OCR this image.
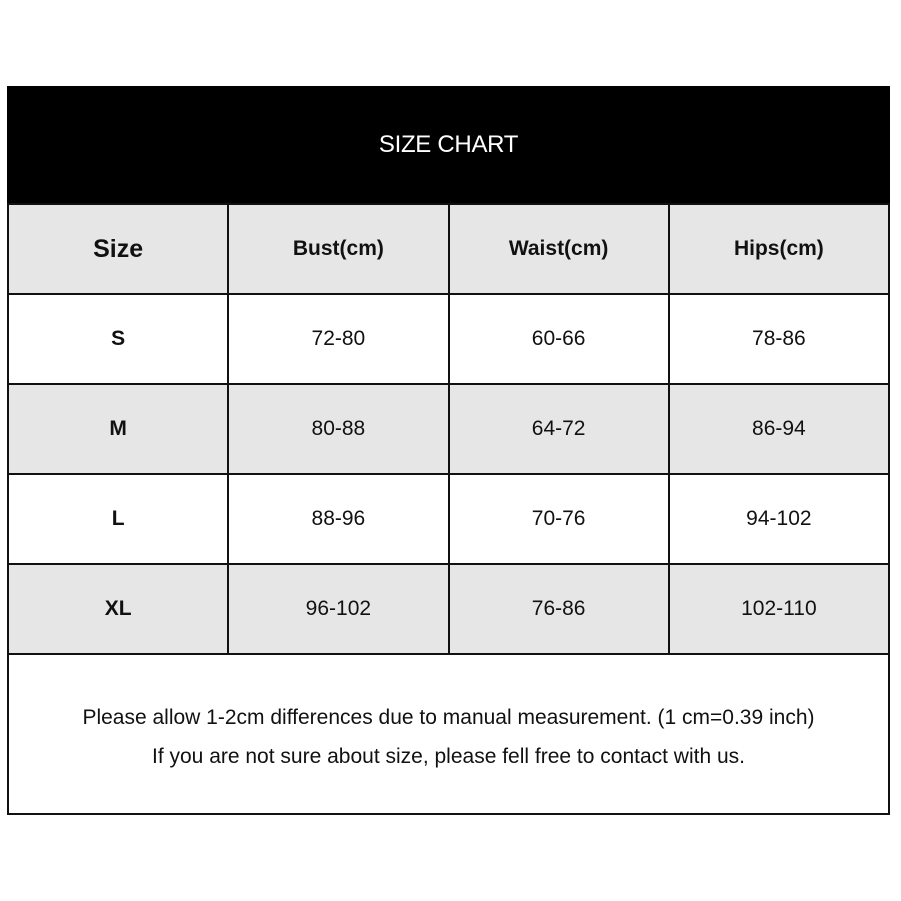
SIZE CHART
Size	Bust(cm)	Waist(cm)	Hips(cm)
S	72-80	60-66	78-86
M	80-88	64-72	86-94
L	88-96	70-76	94-102
XL	96-102	76-86	102-110
Please allow 1-2cm differences due to manual measurement. (1 cm=0.39 inch)
If you are not sure about size, please fell free to contact with us.
